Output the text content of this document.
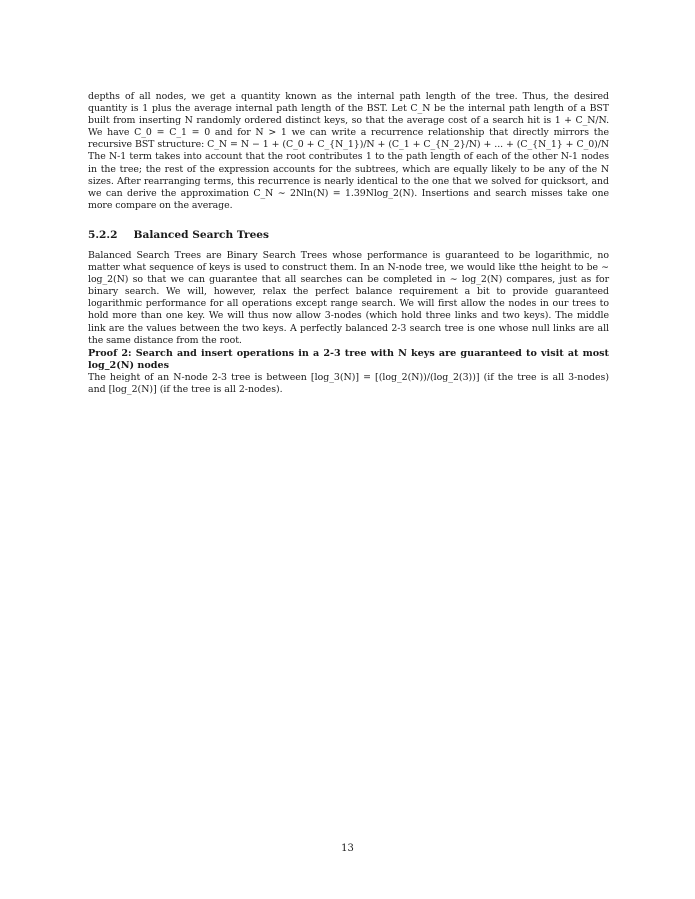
depths of all nodes, we get a quantity known as the internal path length of the tree. Thus, the desired quantity is 1 plus the average internal path length of the BST. Let C_N be the internal path length of a BST built from inserting N randomly ordered distinct keys, so that the average cost of a search hit is 1 + C_N/N. We have C_0 = C_1 = 0 and for N > 1 we can write a recurrence relationship that directly mirrors the recursive BST structure: C_N = N − 1 + (C_0 + C_{N_1})/N + (C_1 + C_{N_2}/N) + ... + (C_{N_1} + C_0)/N The N-1 term takes into account that the root contributes 1 to the path length of each of the other N-1 nodes in the tree; the rest of the expression accounts for the subtrees, which are equally likely to be any of the N sizes. After rearranging terms, this recurrence is nearly identical to the one that we solved for quicksort, and we can derive the approximation C_N ∼ 2Nln(N) = 1.39Nlog_2(N). Insertions and search misses take one more compare on the average.

5.2.2 Balanced Search Trees

Balanced Search Trees are Binary Search Trees whose performance is guaranteed to be logarithmic, no matter what sequence of keys is used to construct them. In an N-node tree, we would like tthe height to be ∼ log_2(N) so that we can guarantee that all searches can be completed in ∼ log_2(N) compares, just as for binary search. We will, however, relax the perfect balance requirement a bit to provide guaranteed logarithmic performance for all operations except range search. We will first allow the nodes in our trees to hold more than one key. We will thus now allow 3-nodes (which hold three links and two keys). The middle link are the values between the two keys. A perfectly balanced 2-3 search tree is one whose null links are all the same distance from the root.

Proof 2: Search and insert operations in a 2-3 tree with N keys are guaranteed to visit at most log_2(N) nodes

The height of an N-node 2-3 tree is between [log_3(N)] = [(log_2(N))/(log_2(3))] (if the tree is all 3-nodes) and [log_2(N)] (if the tree is all 2-nodes).

13
